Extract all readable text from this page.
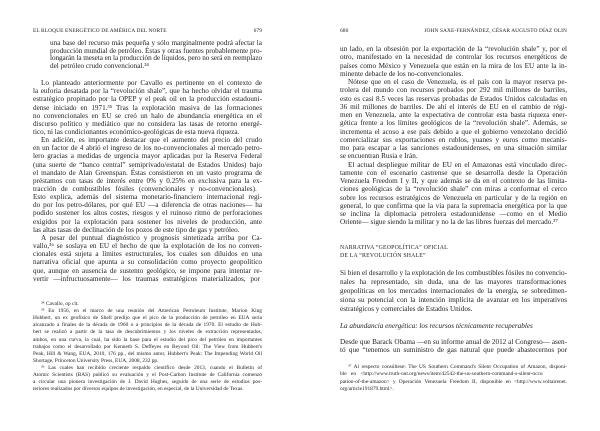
EL BLOQUE ENERGÉTICO DE AMÉRICA DEL NORTE	679	680	JOHN SAXE-FERNÁNDEZ, CÉSAR AUGUSTO DÍAZ OLIN
NARRATIVA “GEOPOLÍTICA” OFICIAL
DE LA “REVOLUCIÓN SHALE”
La abundancia energética: los recursos técnicamente recuperables
una base del recurso más pequeña y sólo marginalmente podrá afectar la
producción mundial de petróleo. Éstas y otras fuentes probablemente pro-
longarán la meseta en la producción de líquidos, pero no será en reemplazo
del petróleo crudo convencional.³⁴
Lo planteado anteriormente por Cavallo es pertinente en el contexto de
la euforia desatada por la “revolución shale”, que ha hecho olvidar el trauma
estratégico propinado por la OPEP y el peak oil en la producción estadouni-
dense iniciado en 1971.³⁵ Tras la explotación masiva de las formaciones
no convencionales en EU se creó un halo de abundancia energética en el
discurso político y mediático que no considera las tasas de retorno energé-
tico, ni las condicionantes económico-geológicas de esta nueva riqueza.
En adición, es importante destacar que el aumento del precio del crudo
en un factor de 4 abrió el ingreso de los no-convencionales al mercado petro-
lero gracias a medidas de urgencia mayor aplicadas por la Reserva Federal
(una suerte de “banco central” semiprivado/estatal de Estados Unidos) bajo
el mandato de Alan Greenspan. Éstas consistieron en un vasto programa de
préstamos con tasas de interés entre 0% y 0.25% en exclusiva para la ex-
tracción de combustibles fósiles (convencionales y no-convencionales).
Esto explica, además del sistema monetario-financiero internacional regi-
do por los petro-dólares, por qué EU —a diferencia de otras naciones— ha
podido sostener los altos costes, riesgos y el ruinoso ritmo de perforaciones
exigidos por la explotación para sostener los niveles de producción, ante
las altas tasas de declinación de los pozos de este tipo de gas y petróleo.
A pesar del puntual diagnóstico y prognosis sintetizada arriba por Ca-
vallo,³⁶ se soslaya en EU el hecho de que la explotación de los no conven-
cionales está sujeta a límites estructurales, los cuales son diluidos en una
narrativa oficial que apunta a su consolidación como proyecto geopolítico
que, aunque en ausencia de sustento geológico, se impone para intentar re-
vertir —infructuosamente— los traumas estratégicos materializados, por
³⁴ Cavallo, op cit.
³⁵ En 1956, en el marco de una reunión del American Petroleum Institute, Marion King
Hubbert, un ex geofísico de Shell predijo que el pico de la producción de petróleo en EUA sería
alcanzado a finales de la década de 1960 o a principios de la década de 1970. El estudio de Hub-
bert se realizó a partir de la tasa de descubrimientos y los niveles de extracción representados,
ambos, en una curva, la cual, ha sido la base para el estudio del pico del petróleo en importantes
trabajos como el desarrollado por Kenneth S. Deffeyes en Beyond Oil: The View from Hubbert's
Peak, Hill & Wang, EUA, 2010, 176 pp., del mismo autor, Hubbert's Peak: The Impending World Oil
Shortage, Princeton University Press, EUA, 2008, 232 pp.
³⁶ Las cuales han recibido creciente respaldo científico desde 2013, cuando el Bulletin of
Atomic Scientists (BAS) publicó su evaluación y el Post-Carbon Institute de California comenzó
a circular una pionera investigación de J. David Hughes, seguido de una serie de estudios pos-
teriores realizados por diversos equipos de investigación, en especial, de la Universidad de Texas.
un lado, en la obsesión por la exportación de la “revolución shale” y, por el
otro, manifestado en la necesidad de controlar los recursos energéticos de
países como México y Venezuela que están en la mira de los EU ante la in-
minente debacle de los no-convencionales.
Nótese que en el caso de Venezuela, es el país con la mayor reserva pe-
trolera del mundo con recursos probados por 292 mil millones de barriles,
esto es casi 8.5 veces las reservas probadas de Estados Unidos calculadas en
36 mil millones de barriles. De ahí el interés de EU en el cambio de régi-
men en Venezuela, ante la expectativa de controlar esta basta riqueza ener-
gética frente a los límites geológicos de la “revolución shale”. Además, se
incrementa el acoso a ese país debido a que el gobierno venezolano decidió
comercializar sus exportaciones en rublos, yuanes y euros como mecanis-
mo para escapar a las sanciones estadounidenses, en una situación similar
se encuentran Rusia e Irán.
El actual despliegue militar de EU en el Amazonas está vinculado direc-
tamente con el escenario castrense que se desarrolla desde la Operación
Venezuela Freedom I y II, y que además se da en el contexto de las limita-
ciones geológicas de la “revolución shale” con miras a conformar el cerco
sobre los recursos estratégicos de Venezuela en particular y de la región en
general, lo que confirma que la vía para la supremacía energética por la que
se inclina la diplomacia petrolera estadounidense —como en el Medio
Oriente— sigue siendo la militar y no la de las libres fuerzas del mercado.³⁷
Si bien el desarrollo y la explotación de los combustibles fósiles no convencio-
nales ha representado, sin duda, una de las mayores transformaciones
geopolíticas en los mercados internacionales de la energía, se sobredimen-
siona su potencial con la intención implícita de avanzar en los imperativos
estratégicos y comerciales de Estados Unidos.
Desde que Barack Obama —en su informe anual de 2012 al Congreso— asen-
tó que “tenemos un suministro de gas natural que puede abastecernos por
³⁷ Al respecto consúltese: The US Southern Command's Silent Occupation of Amazon, disponi-
ble en <http://www.truth-out.org/news/item/42542-the-us-southern-command-s-silent-occu
pation-of-the-amazon> y Operación Venezuela Freedom II, disponible en <http://www.voltairenet.
org/article191879.html>.
